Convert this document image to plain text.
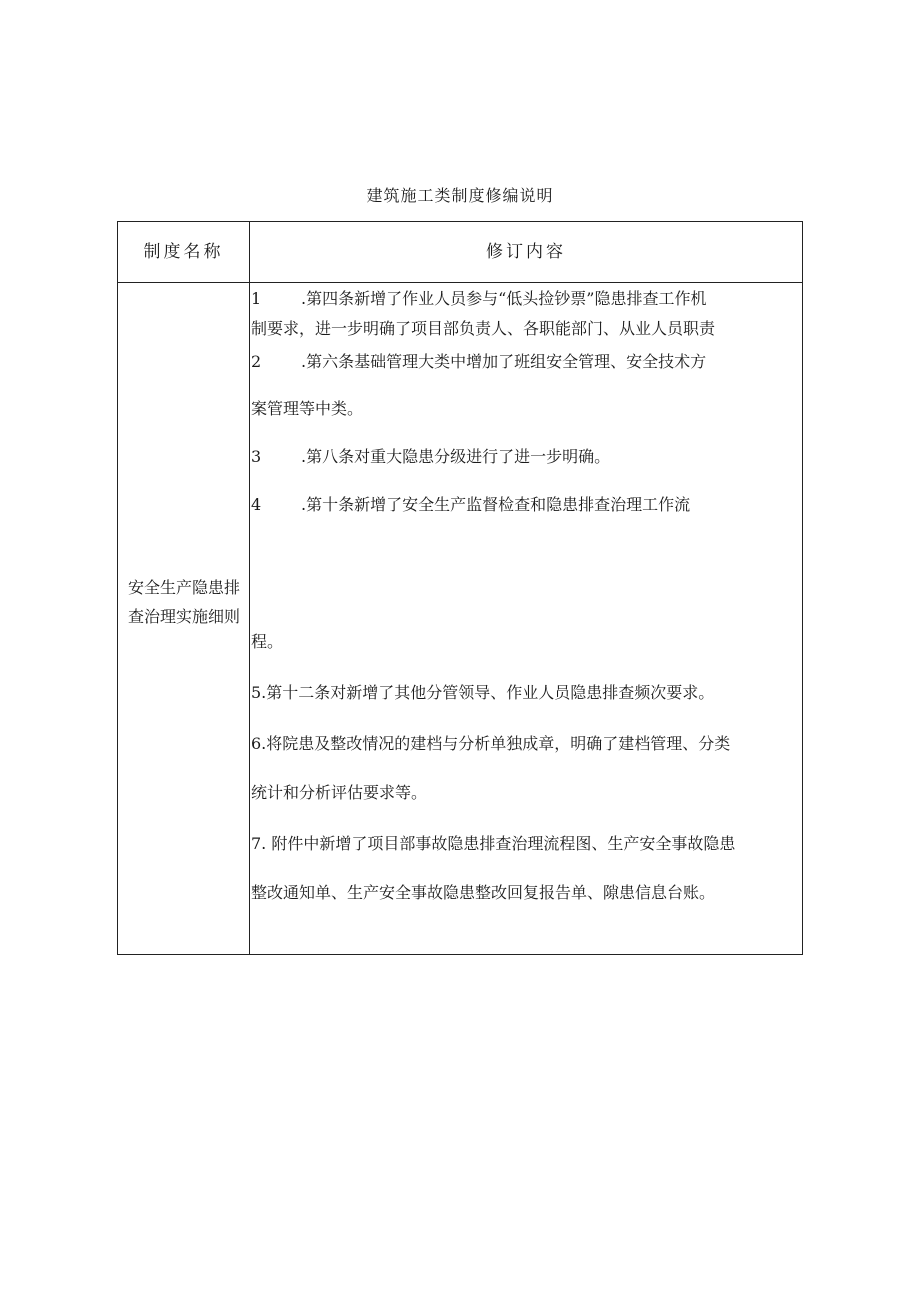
建筑施工类制度修编说明
制度名称	修订内容
安全生产隐患排查治理实施细则
1 .第四条新增了作业人员参与“低头捡钞票”隐患排查工作机
制要求，进一步明确了项目部负责人、各职能部门、从业人员职责
2 .第六条基础管理大类中增加了班组安全管理、安全技术方
案管理等中类。
3 .第八条对重大隐患分级进行了进一步明确。
4 .第十条新增了安全生产监督检查和隐患排查治理工作流
程。
5.第十二条对新增了其他分管领导、作业人员隐患排查频次要求。
6.将院患及整改情况的建档与分析单独成章，明确了建档管理、分类
统计和分析评估要求等。
7. 附件中新增了项目部事故隐患排查治理流程图、生产安全事故隐患
整改通知单、生产安全事故隐患整改回复报告单、隙患信息台账。
